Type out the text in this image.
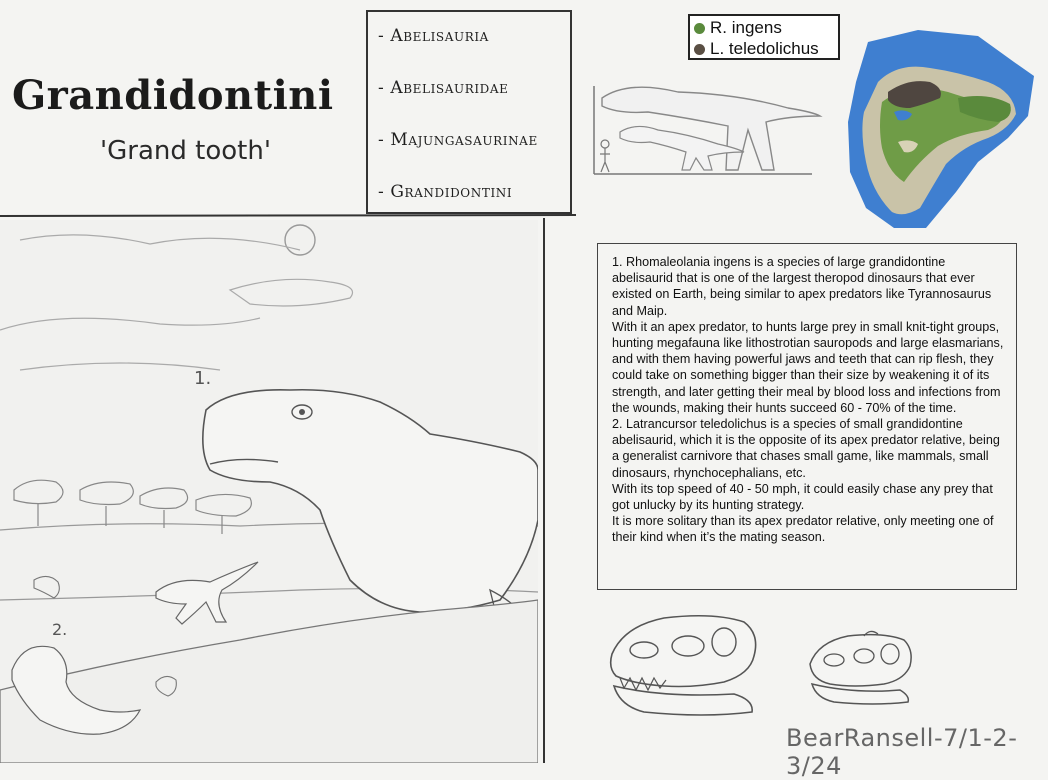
Grandidontini
'Grand tooth'
- Abelisauria
- Abelisauridae
- Majungasaurinae
- Grandidontini
R. ingens
L. teledolichus
1.
2.

1. Rhomaleolania ingens is a species of large grandidontine abelisaurid that is one of the largest theropod dinosaurs that ever existed on Earth, being similar to apex predators like Tyrannosaurus and Maip.

With it an apex predator, to hunts large prey in small knit-tight groups, hunting megafauna like lithostrotian sauropods and large elasmarians, and with them having powerful jaws and teeth that can rip flesh, they could take on something bigger than their size by weakening it of its strength, and later getting their meal by blood loss and infections from the wounds, making their hunts succeed 60 - 70% of the time.

2. Latrancursor teledolichus is a species of small grandidontine abelisaurid, which it is the opposite of its apex predator relative, being a generalist carnivore that chases small game, like mammals, small dinosaurs, rhynchocephalians, etc.

With its top speed of 40 - 50 mph, it could easily chase any prey that got unlucky by its hunting strategy.

It is more solitary than its apex predator relative, only meeting one of their kind when it’s the mating season.

BearRansell-7/1-2-3/24
